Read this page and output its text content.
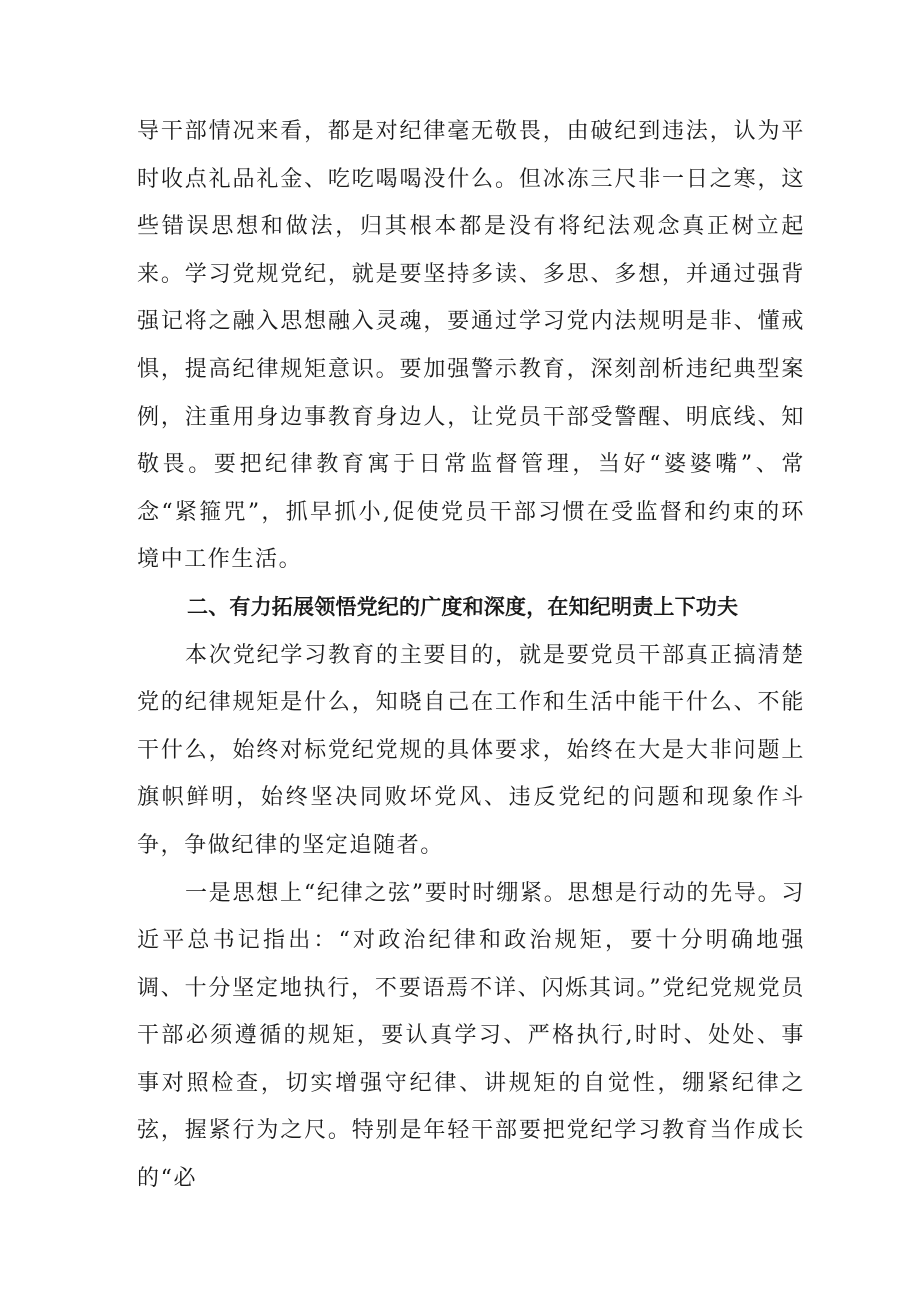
导干部情况来看，都是对纪律毫无敬畏，由破纪到违法，认为平时收点礼品礼金、吃吃喝喝没什么。但冰冻三尺非一日之寒，这些错误思想和做法，归其根本都是没有将纪法观念真正树立起来。学习党规党纪，就是要坚持多读、多思、多想，并通过强背强记将之融入思想融入灵魂，要通过学习党内法规明是非、懂戒惧，提高纪律规矩意识。要加强警示教育，深刻剖析违纪典型案例，注重用身边事教育身边人，让党员干部受警醒、明底线、知敬畏。要把纪律教育寓于日常监督管理，当好“婆婆嘴”、常念“紧箍咒”，抓早抓小,促使党员干部习惯在受监督和约束的环境中工作生活。

二、有力拓展领悟党纪的广度和深度，在知纪明责上下功夫

本次党纪学习教育的主要目的，就是要党员干部真正搞清楚党的纪律规矩是什么，知晓自己在工作和生活中能干什么、不能干什么，始终对标党纪党规的具体要求，始终在大是大非问题上旗帜鲜明，始终坚决同败坏党风、违反党纪的问题和现象作斗争，争做纪律的坚定追随者。

一是思想上“纪律之弦”要时时绷紧。思想是行动的先导。习近平总书记指出：“对政治纪律和政治规矩，要十分明确地强调、十分坚定地执行，不要语焉不详、闪烁其词。”党纪党规党员干部必须遵循的规矩，要认真学习、严格执行,时时、处处、事事对照检查，切实增强守纪律、讲规矩的自觉性，绷紧纪律之弦，握紧行为之尺。特别是年轻干部要把党纪学习教育当作成长的“必
